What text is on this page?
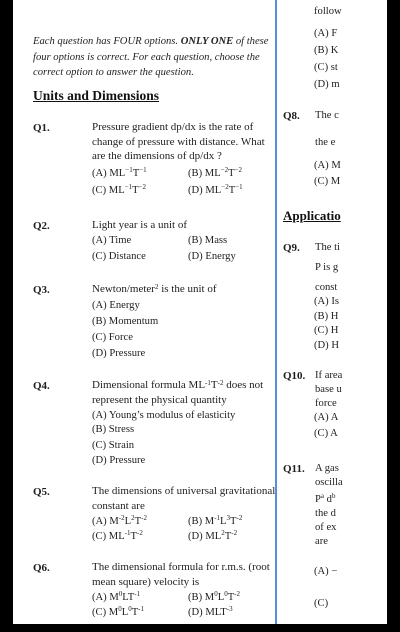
Each question has FOUR options. ONLY ONE of these four options is correct. For each question, choose the correct option to answer the question.
Units and Dimensions
Q1.	Pressure gradient dp/dx is the rate of change of pressure with distance. What are the dimensions of dp/dx ?
(A) $ML^{-1}T^{-1}$	(B) $ML^{-2}T^{-2}$
(C) $ML^{-1}T^{-2}$	(D) $ML^{-2}T^{-1}$
Q2.	Light year is a unit of
(A) Time	(B) Mass
(C) Distance	(D) Energy
Q3.	Newton/meter$^2$ is the unit of
(A) Energy
(B) Momentum
(C) Force
(D) Pressure
Q4.	Dimensional formula $ML^{-1}T^{-2}$ does not represent the physical quantity
(A) Young’s modulus of elasticity
(B) Stress
(C) Strain
(D) Pressure
Q5.	The dimensions of universal gravitational constant are
(A) $M^{-2}L^2T^{-2}$	(B) $M^{-1}L^3T^{-2}$
(C) $ML^{-1}T^{-2}$	(D) $ML^2T^{-2}$
Q6.	The dimensional formula for r.m.s. (root mean square) velocity is
(A) $M^0LT^{-1}$	(B) $M^0L^0T^{-2}$
(C) $M^0L^0T^{-1}$	(D) $MLT^{-3}$
follow
(A) F
(B) K
(C) st
(D) m
Q8. The c
the e
(A) M
(C) M
Applicatio
Q9. The ti
P is g
const
(A) Is
(B) H
(C) H
(D) H
Q10. If area
base u
force
(A) A
(C) A
Q11. A gas
oscilla
$P^a$ $d^b$
the d
of ex
are
(A) −
(C)
